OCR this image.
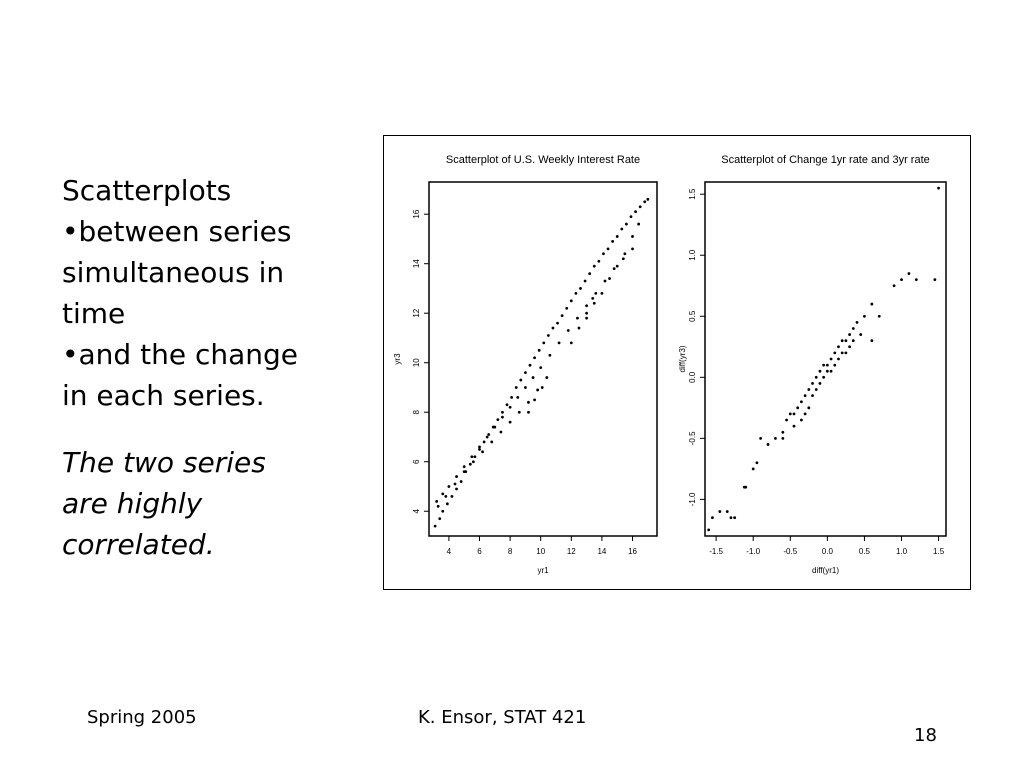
Scatterplots
•between series
simultaneous in
time
•and the change
in each series.
The two series
are highly
correlated.
Scatterplot of U.S. Weekly Interest Rate
4	6	8	10	12	14	16
4
6
8
10
12
14
16
yr1
yr3
Scatterplot of Change 1yr rate and 3yr rate
-1.5	-1.0	-0.5	0.0	0.5	1.0	1.5
-1.0
-0.5
0.0
0.5
1.0
1.5
diff(yr1)
diff(yr3)
Spring 2005	K. Ensor, STAT 421
18
